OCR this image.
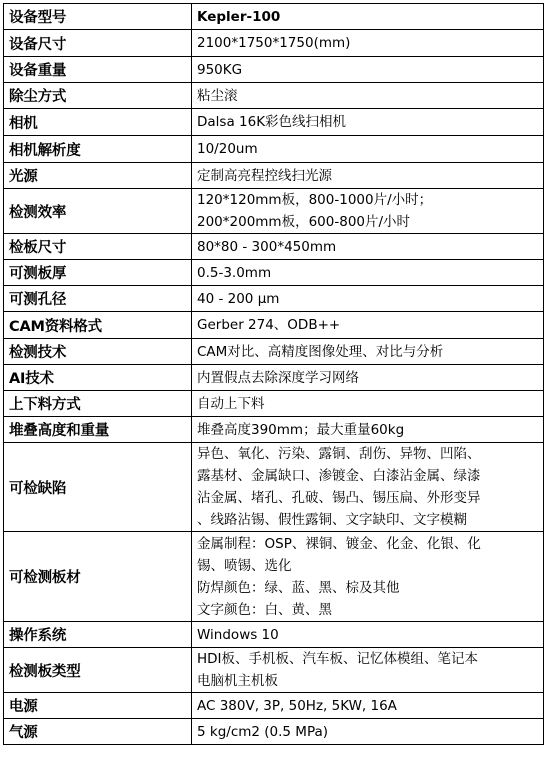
设备型号	Kepler-100

设备尺寸	2100*1750*1750(mm)

设备重量	950KG

除尘方式	粘尘滚

相机	Dalsa 16K彩色线扫相机

相机解析度	10/20um

光源	定制高亮程控线扫光源

检测效率	120*120mm板，800-1000片/小时；
200*200mm板，600-800片/小时

检板尺寸	80*80 - 300*450mm

可测板厚	0.5-3.0mm

可测孔径	40 - 200 μm

CAM资料格式	Gerber 274、ODB++

检测技术	CAM对比、高精度图像处理、对比与分析

AI技术	内置假点去除深度学习网络

上下料方式	自动上下料

堆叠高度和重量	堆叠高度390mm；最大重量60kg

可检缺陷	异色、氧化、污染、露铜、刮伤、异物、凹陷、
露基材、金属缺口、渗镀金、白漆沾金属、绿漆
沾金属、堵孔、孔破、锡凸、锡压扁、外形变异
、线路沾锡、假性露铜、文字缺印、文字模糊

可检测板材	金属制程：OSP、裸铜、镀金、化金、化银、化
锡、喷锡、选化
防焊颜色：绿、蓝、黑、棕及其他
文字颜色：白、黄、黑

操作系统	Windows 10

检测板类型	HDI板、手机板、汽车板、记忆体模组、笔记本
电脑机主机板

电源	AC 380V, 3P, 50Hz, 5KW, 16A

气源	5 kg/cm2 (0.5 MPa)
